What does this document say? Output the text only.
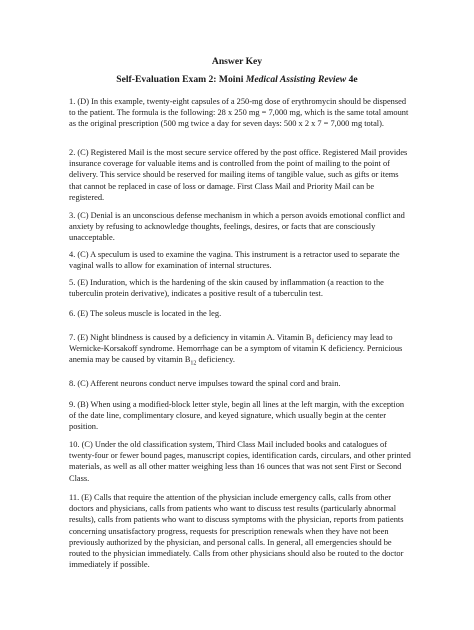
Answer Key
Self-Evaluation Exam 2: Moini Medical Assisting Review 4e

1. (D) In this example, twenty-eight capsules of a 250-mg dose of erythromycin should be dispensed to the patient. The formula is the following: 28 x 250 mg = 7,000 mg, which is the same total amount as the original prescription (500 mg twice a day for seven days: 500 x 2 x 7 = 7,000 mg total).

2. (C) Registered Mail is the most secure service offered by the post office. Registered Mail provides insurance coverage for valuable items and is controlled from the point of mailing to the point of delivery. This service should be reserved for mailing items of tangible value, such as gifts or items that cannot be replaced in case of loss or damage. First Class Mail and Priority Mail can be registered.

3. (C) Denial is an unconscious defense mechanism in which a person avoids emotional conflict and anxiety by refusing to acknowledge thoughts, feelings, desires, or facts that are consciously unacceptable.

4. (C) A speculum is used to examine the vagina. This instrument is a retractor used to separate the vaginal walls to allow for examination of internal structures.

5. (E) Induration, which is the hardening of the skin caused by inflammation (a reaction to the tuberculin protein derivative), indicates a positive result of a tuberculin test.

6. (E) The soleus muscle is located in the leg.

7. (E) Night blindness is caused by a deficiency in vitamin A. Vitamin $B_1$ deficiency may lead to Wernicke-Korsakoff syndrome. Hemorrhage can be a symptom of vitamin K deficiency. Pernicious anemia may be caused by vitamin $B_{12}$ deficiency.

8. (C) Afferent neurons conduct nerve impulses toward the spinal cord and brain.

9. (B) When using a modified-block letter style, begin all lines at the left margin, with the exception of the date line, complimentary closure, and keyed signature, which usually begin at the center position.

10. (C) Under the old classification system, Third Class Mail included books and catalogues of twenty-four or fewer bound pages, manuscript copies, identification cards, circulars, and other printed materials, as well as all other matter weighing less than 16 ounces that was not sent First or Second Class.

11. (E) Calls that require the attention of the physician include emergency calls, calls from other doctors and physicians, calls from patients who want to discuss test results (particularly abnormal results), calls from patients who want to discuss symptoms with the physician, reports from patients concerning unsatisfactory progress, requests for prescription renewals when they have not been previously authorized by the physician, and personal calls. In general, all emergencies should be routed to the physician immediately. Calls from other physicians should also be routed to the doctor immediately if possible.
